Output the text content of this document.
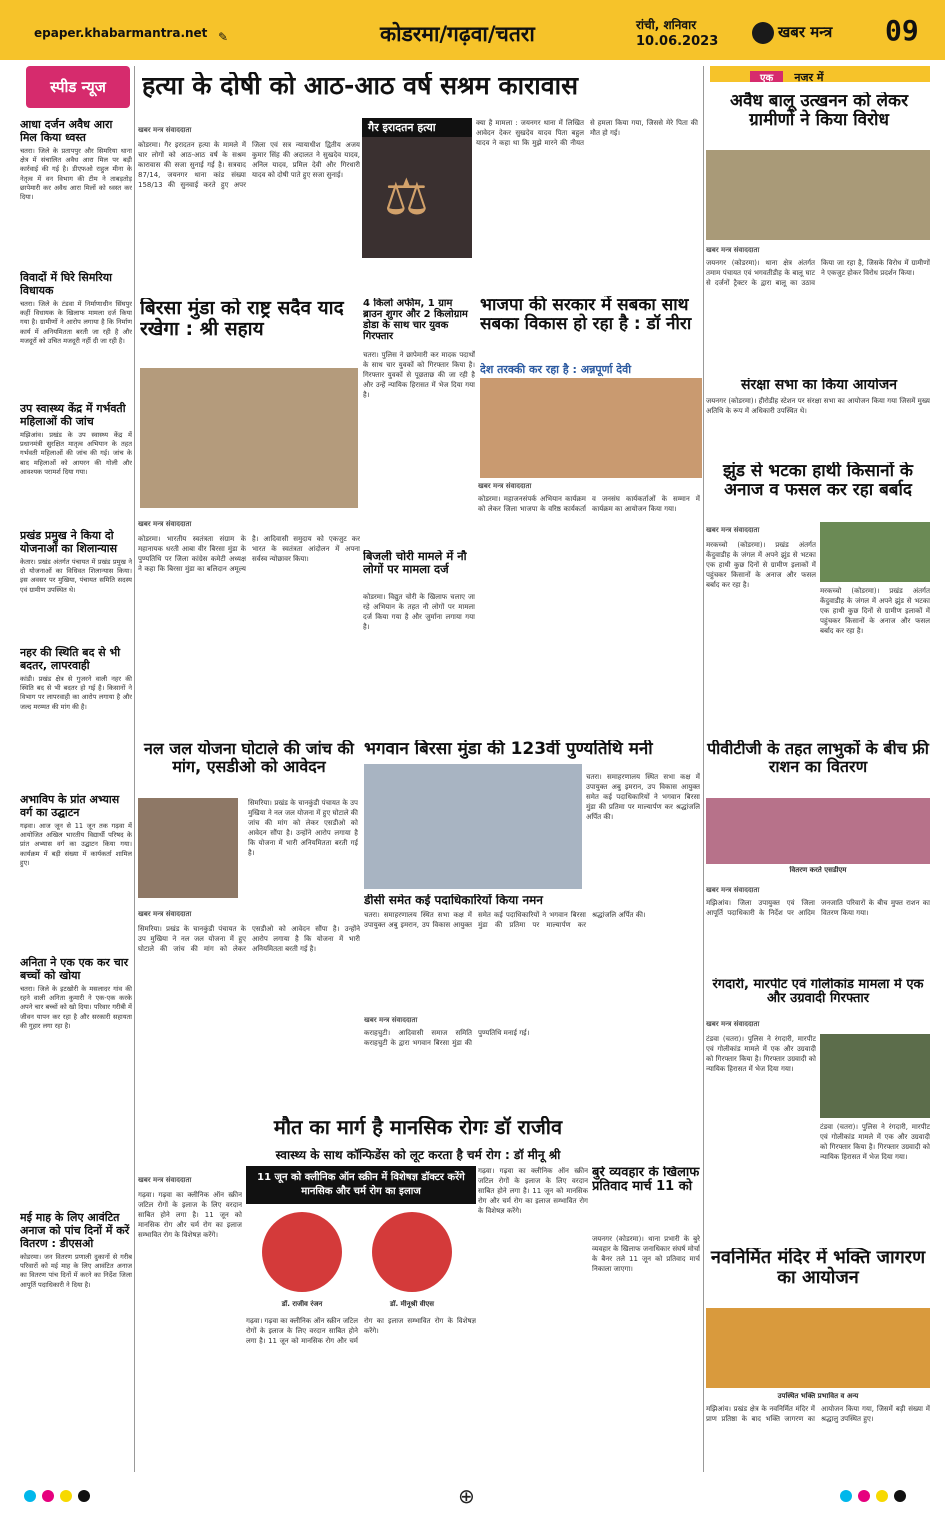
epaper.khabarmantra.net ✎	कोडरमा/गढ़वा/चतरा	रांची, शनिवार
10.06.2023
खबर मन्त्र 09
स्पीड न्यूज
आधा दर्जन अवैध आरा मिल किया ध्वस्त
चतरा। जिले के प्रतापपुर और सिमरिया थाना क्षेत्र में संचालित अवैध आरा मिल पर बड़ी कार्रवाई की गई है। डीएफओ राहुल मीना के नेतृत्व में वन विभाग की टीम ने ताबड़तोड़ छापेमारी कर अवैध आरा मिलों को ध्वस्त कर दिया।
विवादों में घिरे सिमरिया विधायक
चतरा। जिले के टंडवा में निर्माणाधीन सिंघपुर कहीं विधायक के खिलाफ मामला दर्ज किया गया है। ग्रामीणों ने आरोप लगाया है कि निर्माण कार्य में अनियमितता बरती जा रही है और मजदूरों को उचित मजदूरी नहीं दी जा रही है।
उप स्वास्थ्य केंद्र में गर्भवती महिलाओं की जांच
मझिआंव। प्रखंड के उप स्वास्थ्य केंद्र में प्रधानमंत्री सुरक्षित मातृत्व अभियान के तहत गर्भवती महिलाओं की जांच की गई। जांच के बाद महिलाओं को आयरन की गोली और आवश्यक परामर्श दिया गया।
प्रखंड प्रमुख ने किया दो योजनाओं का शिलान्यास
केतार। प्रखंड अंतर्गत पंचायत में प्रखंड प्रमुख ने दो योजनाओं का विधिवत शिलान्यास किया। इस अवसर पर मुखिया, पंचायत समिति सदस्य एवं ग्रामीण उपस्थित थे।
नहर की स्थिति बद से भी बदतर, लापरवाही
कांडी। प्रखंड क्षेत्र से गुजरने वाली नहर की स्थिति बद से भी बदतर हो गई है। किसानों ने विभाग पर लापरवाही का आरोप लगाया है और जल्द मरम्मत की मांग की है।
अभाविप के प्रांत अभ्यास वर्ग का उद्घाटन
गढ़वा। आज जून से 11 जून तक गढ़वा में आयोजित अखिल भारतीय विद्यार्थी परिषद के प्रांत अभ्यास वर्ग का उद्घाटन किया गया। कार्यक्रम में बड़ी संख्या में कार्यकर्ता शामिल हुए।
अनिता ने एक एक कर चार बच्चों को खोया
चतरा। जिले के इटखोरी के मसलादर गांव की रहने वाली अनिता कुमारी ने एक-एक करके अपने चार बच्चों को खो दिया। परिवार गरीबी में जीवन यापन कर रहा है और सरकारी सहायता की गुहार लगा रहा है।
मई माह के लिए आवंटित अनाज को पांच दिनों में करें वितरण : डीएसओ
कोडरमा। जन वितरण प्रणाली दुकानों से गरीब परिवारों को मई माह के लिए आवंटित अनाज का वितरण पांच दिनों में करने का निर्देश जिला आपूर्ति पदाधिकारी ने दिया है।
हत्या के दोषी को आठ-आठ वर्ष सश्रम कारावास
खबर मन्त्र संवाददाता
कोडरमा। गैर इरादतन हत्या के मामले में चार लोगों को आठ-आठ वर्ष के सश्रम कारावास की सजा सुनाई गई है। सत्रवाद 87/14, जयनगर थाना कांड संख्या 158/13 की सुनवाई करते हुए अपर जिला एवं सत्र न्यायाधीश द्वितीय अजय कुमार सिंह की अदालत ने सुखदेव यादव, अनिल यादव, प्रमिल देवी और गिरधारी यादव को दोषी पाते हुए सजा सुनाई।
गैर इरादतन हत्या
⚖
क्या है मामला : जयनगर थाना में लिखित आवेदन देकर सुखदेव यादव पिता बहुल यादव ने कहा था कि मुझे मारने की नीयत से हमला किया गया, जिससे मेरे पिता की मौत हो गई।
बिरसा मुंडा को राष्ट्र सदैव याद रखेगा : श्री सहाय
खबर मन्त्र संवाददाता
कोडरमा। भारतीय स्वतंत्रता संग्राम के महानायक धरती आबा वीर बिरसा मुंडा के पुण्यतिथि पर जिला कांग्रेस कमेटी अध्यक्ष ने कहा कि बिरसा मुंडा का बलिदान अमूल्य है। आदिवासी समुदाय को एकजुट कर भारत के स्वतंत्रता आंदोलन में अपना सर्वस्व न्योछावर किया।
4 किलो अफीम, 1 ग्राम ब्राउन शुगर और 2 किलोग्राम डोडा के साथ चार युवक गिरफ्तार
चतरा। पुलिस ने छापेमारी कर मादक पदार्थों के साथ चार युवकों को गिरफ्तार किया है। गिरफ्तार युवकों से पूछताछ की जा रही है और उन्हें न्यायिक हिरासत में भेज दिया गया है।
भाजपा की सरकार में सबका साथ सबका विकास हो रहा है : डॉ नीरा
देश तरक्की कर रहा है : अन्नपूर्णा देवी
खबर मन्त्र संवाददाता
कोडरमा। महाजनसंपर्क अभियान कार्यक्रम को लेकर जिला भाजपा के वरिष्ठ कार्यकर्ता व जनसंघ कार्यकर्ताओं के सम्मान में कार्यक्रम का आयोजन किया गया।
बिजली चोरी मामले में नौ लोगों पर मामला दर्ज
कोडरमा। विद्युत चोरी के खिलाफ चलाए जा रहे अभियान के तहत नौ लोगों पर मामला दर्ज किया गया है और जुर्माना लगाया गया है।
नल जल योजना घोटाले की जांच की मांग, एसडीओ को आवेदन
खबर मन्त्र संवाददाता
सिमरिया। प्रखंड के चानकुंडी पंचायत के उप मुखिया ने नल जल योजना में हुए घोटाले की जांच की मांग को लेकर एसडीओ को आवेदन सौंपा है। उन्होंने आरोप लगाया है कि योजना में भारी अनियमितता बरती गई है।
सिमरिया। प्रखंड के चानकुंडी पंचायत के उप मुखिया ने नल जल योजना में हुए घोटाले की जांच की मांग को लेकर एसडीओ को आवेदन सौंपा है। उन्होंने आरोप लगाया है कि योजना में भारी अनियमितता बरती गई है।
भगवान बिरसा मुंडा की 123वीं पुण्यतिथि मनी
चतरा। समाहरणालय स्थित सभा कक्ष में उपायुक्त अबु इमरान, उप विकास आयुक्त समेत कई पदाधिकारियों ने भगवान बिरसा मुंडा की प्रतिमा पर माल्यार्पण कर श्रद्धांजलि अर्पित की।
डीसी समेत कई पदाधिकारियों किया नमन
चतरा। समाहरणालय स्थित सभा कक्ष में उपायुक्त अबु इमरान, उप विकास आयुक्त समेत कई पदाधिकारियों ने भगवान बिरसा मुंडा की प्रतिमा पर माल्यार्पण कर श्रद्धांजलि अर्पित की।
खबर मन्त्र संवाददाता
कराहचुटी। आदिवासी समाज समिति कराहचुटी के द्वारा भगवान बिरसा मुंडा की पुण्यतिथि मनाई गई।
मौत का मार्ग है मानसिक रोगः डॉ राजीव
स्वास्थ्य के साथ कॉन्फिडेंस को लूट करता है चर्म रोग : डॉ मीनू श्री
11 जून को क्लीनिक ऑन स्क्रीन में विशेषज्ञ डॉक्टर करेंगे मानसिक और चर्म रोग का इलाज
डॉ. राजीव रंजन	डॉ. मीनूश्री वीएस
खबर मन्त्र संवाददाता
गढ़वा। गढ़वा का क्लीनिक ऑन स्क्रीन जटिल रोगों के इलाज के लिए वरदान साबित होने लगा है। 11 जून को मानसिक रोग और चर्म रोग का इलाज सम्भावित रोग के विशेषज्ञ करेंगे।
गढ़वा। गढ़वा का क्लीनिक ऑन स्क्रीन जटिल रोगों के इलाज के लिए वरदान साबित होने लगा है। 11 जून को मानसिक रोग और चर्म रोग का इलाज सम्भावित रोग के विशेषज्ञ करेंगे।
गढ़वा। गढ़वा का क्लीनिक ऑन स्क्रीन जटिल रोगों के इलाज के लिए वरदान साबित होने लगा है। 11 जून को मानसिक रोग और चर्म रोग का इलाज सम्भावित रोग के विशेषज्ञ करेंगे।
बुरे व्यवहार के खिलाफ प्रतिवाद मार्च 11 को
जयनगर (कोडरमा)। थाना प्रभारी के बुरे व्यवहार के खिलाफ जनाधिकार संघर्ष मोर्चा के बैनर तले 11 जून को प्रतिवाद मार्च निकाला जाएगा।
एक नजर में
अवैध बालू उत्खनन को लेकर ग्रामीणों ने किया विरोध
खबर मन्त्र संवाददाता
जयनगर (कोडरमा)। थाना क्षेत्र अंतर्गत तमाम पंचायत एवं भगवतीडीह के बालू घाट से दर्जनों ट्रैक्टर के द्वारा बालू का उठाव किया जा रहा है, जिसके विरोध में ग्रामीणों ने एकजुट होकर विरोध प्रदर्शन किया।
संरक्षा सभा का किया आयोजन
जयनगर (कोडरमा)। हीरोडीह स्टेशन पर संरक्षा सभा का आयोजन किया गया जिसमें मुख्य अतिथि के रूप में अधिकारी उपस्थित थे।
झुंड से भटका हाथी किसानों के अनाज व फसल कर रहा बर्बाद
खबर मन्त्र संवाददाता
मरकच्चो (कोडरमा)। प्रखंड अंतर्गत केंदुवाडीह के जंगल में अपने झुंड से भटका एक हाथी कुछ दिनों से ग्रामीण इलाकों में पहुंचकर किसानों के अनाज और फसल बर्बाद कर रहा है।
मरकच्चो (कोडरमा)। प्रखंड अंतर्गत केंदुवाडीह के जंगल में अपने झुंड से भटका एक हाथी कुछ दिनों से ग्रामीण इलाकों में पहुंचकर किसानों के अनाज और फसल बर्बाद कर रहा है।
पीवीटीजी के तहत लाभुकों के बीच फ्री राशन का वितरण
वितरण करते एसडीएम
खबर मन्त्र संवाददाता
मझिआंव। जिला उपायुक्त एवं जिला आपूर्ति पदाधिकारी के निर्देश पर आदिम जनजाति परिवारों के बीच मुफ्त राशन का वितरण किया गया।
रंगदारी, मारपीट एवं गोलीकांड मामला में एक और उग्रवादी गिरफ्तार
खबर मन्त्र संवाददाता
टंडवा (चतरा)। पुलिस ने रंगदारी, मारपीट एवं गोलीकांड मामले में एक और उग्रवादी को गिरफ्तार किया है। गिरफ्तार उग्रवादी को न्यायिक हिरासत में भेज दिया गया।
टंडवा (चतरा)। पुलिस ने रंगदारी, मारपीट एवं गोलीकांड मामले में एक और उग्रवादी को गिरफ्तार किया है। गिरफ्तार उग्रवादी को न्यायिक हिरासत में भेज दिया गया।
नवनिर्मित मंदिर में भक्ति जागरण का आयोजन
उपस्थित भक्ति प्रभावित व अन्य
मझिआंव। प्रखंड क्षेत्र के नवनिर्मित मंदिर में प्राण प्रतिष्ठा के बाद भक्ति जागरण का आयोजन किया गया, जिसमें बड़ी संख्या में श्रद्धालु उपस्थित हुए।
⊕
